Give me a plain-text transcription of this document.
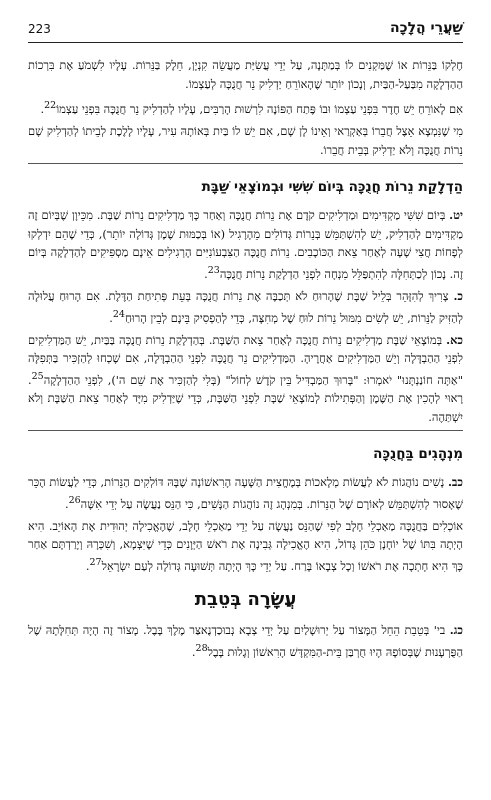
שַׁעֲרֵי הֲלָכָה
223

חֶלְקוֹ בַּנֵּרוֹת אוֹ שֶׁמַּקְנִים לוֹ בְּמַתָּנָה, עַל יְדֵי עֲשִׂיַּת מַעֲשֵׂה קִנְיָן, חֵלֶק בַּנֵּרוֹת. עָלָיו לִשְׁמֹעַ אֶת בִּרְכוֹת הַהַדְלָקָה מִבַּעַל-הַבַּיִת, וְנָכוֹן יוֹתֵר שֶׁהָאוֹרֵחַ יַדְלִיק נֵר חֲנֻכָּה לְעַצְמוֹ.

אִם לָאוֹרֵחַ יֵשׁ חֶדֶר בִּפְנֵי עַצְמוֹ וּבוֹ פֶּתַח הַפּוֹנֶה לִרְשׁוּת הָרַבִּים, עָלָיו לְהַדְלִיק נֵר חֲנֻכָּה בִּפְנֵי עַצְמוֹ$^{22}$.

מִי שֶׁנִּמְצָא אֵצֶל חֲבֵרוֹ בְּאַקְרַאי וְאֵינוֹ לָן שָׁם, אִם יֵשׁ לוֹ בַּיִת בְּאוֹתָהּ עִיר, עָלָיו לָלֶכֶת לְבֵיתוֹ לְהַדְלִיק שָׁם נֵרוֹת חֲנֻכָּה וְלֹא יַדְלִיק בְּבֵית חֲבֵרוֹ.

הַדְלָקַת נֵרוֹת חֲנֻכָּה בְּיוֹם שִׁשִּׁי וּבְמוֹצָאֵי שַׁבָּת

יט. בְּיוֹם שִׁשִּׁי מַקְדִּימִים וּמַדְלִיקִים קֹדֶם אֶת נֵרוֹת חֲנֻכָּה וְאַחַר כָּךְ מַדְלִיקִים נֵרוֹת שַׁבָּת. מִכֵּיוָן שֶׁבְּיוֹם זֶה מַקְדִּימִים לְהַדְלִיק, יֵשׁ לְהִשְׁתַּמֵּשׁ בְּנֵרוֹת גְּדוֹלִים מֵהָרָגִיל (אוֹ בְּכַמּוּת שֶׁמֶן גְּדוֹלָה יוֹתֵר), כְּדֵי שֶׁהֵם יִדְלְקוּ לְפָחוֹת חֲצִי שָׁעָה לְאַחַר צֵאת הַכּוֹכָבִים. נֵרוֹת חֲנֻכָּה הַצִּבְעוֹנִיִּים הָרְגִילִים אֵינָם מַסְפִּיקִים לְהַדְלָקָה בְּיוֹם זֶה. נָכוֹן לְכַתְּחִלָּה לְהִתְפַּלֵּל מִנְחָה לִפְנֵי הַדְלָקַת נֵרוֹת חֲנֻכָּה$^{23}$.

כ. צָרִיךְ לְהִזָּהֵר בְּלֵיל שַׁבָּת שֶׁהָרוּחַ לֹא תְּכַבֶּה אֶת נֵרוֹת חֲנֻכָּה בְּעֵת פְּתִיחַת הַדֶּלֶת. אִם הָרוּחַ עֲלוּלָה לְהַזִּיק לַנֵּרוֹת, יֵשׁ לְשִׂים מִמּוּל נֵרוֹת לוּחַ שֶׁל מְחִצָּה, כְּדֵי לְהַפְסִיק בֵּינָם לְבֵין הָרוּחַ$^{24}$.

כא. בְּמוֹצָאֵי שַׁבָּת מַדְלִיקִים נֵרוֹת חֲנֻכָּה לְאַחַר צֵאת הַשַּׁבָּת. בְּהַדְלָקַת נֵרוֹת חֲנֻכָּה בַּבַּיִת, יֵשׁ הַמַּדְלִיקִים לִפְנֵי הַהַבְדָּלָה וְיֵשׁ הַמַּדְלִיקִים אַחֲרֶיהָ. הַמַּדְלִיקִים נֵר חֲנֻכָּה לִפְנֵי הַהַבְדָּלָה, אִם שָׁכְחוּ לְהַזְכִּיר בַּתְּפִלָּה "אַתָּה חוֹנַנְתָּנוּ" יֹאמְרוּ: "בָּרוּךְ הַמַּבְדִּיל בֵּין קֹדֶשׁ לְחוֹל" (בְּלִי לְהַזְכִּיר אֶת שֵׁם ה'), לִפְנֵי הַהַדְלָקָה$^{25}$. רָאוּי לְהָכִין אֶת הַשֶּׁמֶן וְהַפְּתִילוֹת לְמוֹצָאֵי שַׁבָּת לִפְנֵי הַשַּׁבָּת, כְּדֵי שֶׁיַּדְלִיק מִיָּד לְאַחַר צֵאת הַשַּׁבָּת וְלֹא יִשְׁתַּהֶה.

מִנְהָגִים בַּחֲנֻכָּה

כב. נָשִׁים נוֹהֲגוֹת לֹא לַעֲשׂוֹת מְלָאכוֹת בְּמֶחֱצִית הַשָּׁעָה הָרִאשׁוֹנָה שֶׁבָּהּ דּוֹלְקִים הַנֵּרוֹת, כְּדֵי לַעֲשׂוֹת הֶכֵּר שֶׁאָסוּר לְהִשְׁתַּמֵּשׁ לְאוֹרָם שֶׁל הַנֵּרוֹת. בְּמִנְהָג זֶה נוֹהֲגוֹת הַנָּשִׁים, כִּי הַנֵּס נַעֲשָׂה עַל יְדֵי אִשָּׁה$^{26}$.

אוֹכְלִים בַּחֲנֻכָּה מַאַכְלֵי חָלָב לְפִי שֶׁהַנֵּס נַעֲשָׂה עַל יְדֵי מַאַכְלֵי חָלָב, שֶׁהֶאֱכִילָה יְהוּדִית אֶת הָאוֹיֵב. הִיא הָיְתָה בִּתּוֹ שֶׁל יוֹחָנָן כֹּהֵן גָּדוֹל, הִיא הֶאֱכִילָה גְּבִינָה אֶת רֹאשׁ הַיְּוָנִים כְּדֵי שֶׁיִּצְמָא, וְשִׁכְּרָהּ וְיָרַדְתָּם אַחַר כָּךְ הִיא חָתְכָה אֶת רֹאשׁוֹ וְכָל צְבָאוֹ בָּרַח. עַל יְדֵי כָּךְ הָיְתָה תְּשׁוּעָה גְּדוֹלָה לְעַם יִשְׂרָאֵל$^{27}$.

עֲשָׂרָה בְּטֵבֵת

כג. בי' בְּטֵבֵת הֵחֵל הַמָּצוֹר עַל יְרוּשָׁלַיִם עַל יְדֵי צְבָא נְבוּכַדְנֶאצַּר מֶלֶךְ בָּבֶל. מָצוֹר זֶה הָיָה תְּחִלָּתָהּ שֶׁל הַפֻּרְעָנוּת שֶׁבְּסוֹפָהּ הָיוּ חֻרְבַּן בֵּית-הַמִּקְדָּשׁ הָרִאשׁוֹן וְגָלוּת בָּבֶל$^{28}$.
